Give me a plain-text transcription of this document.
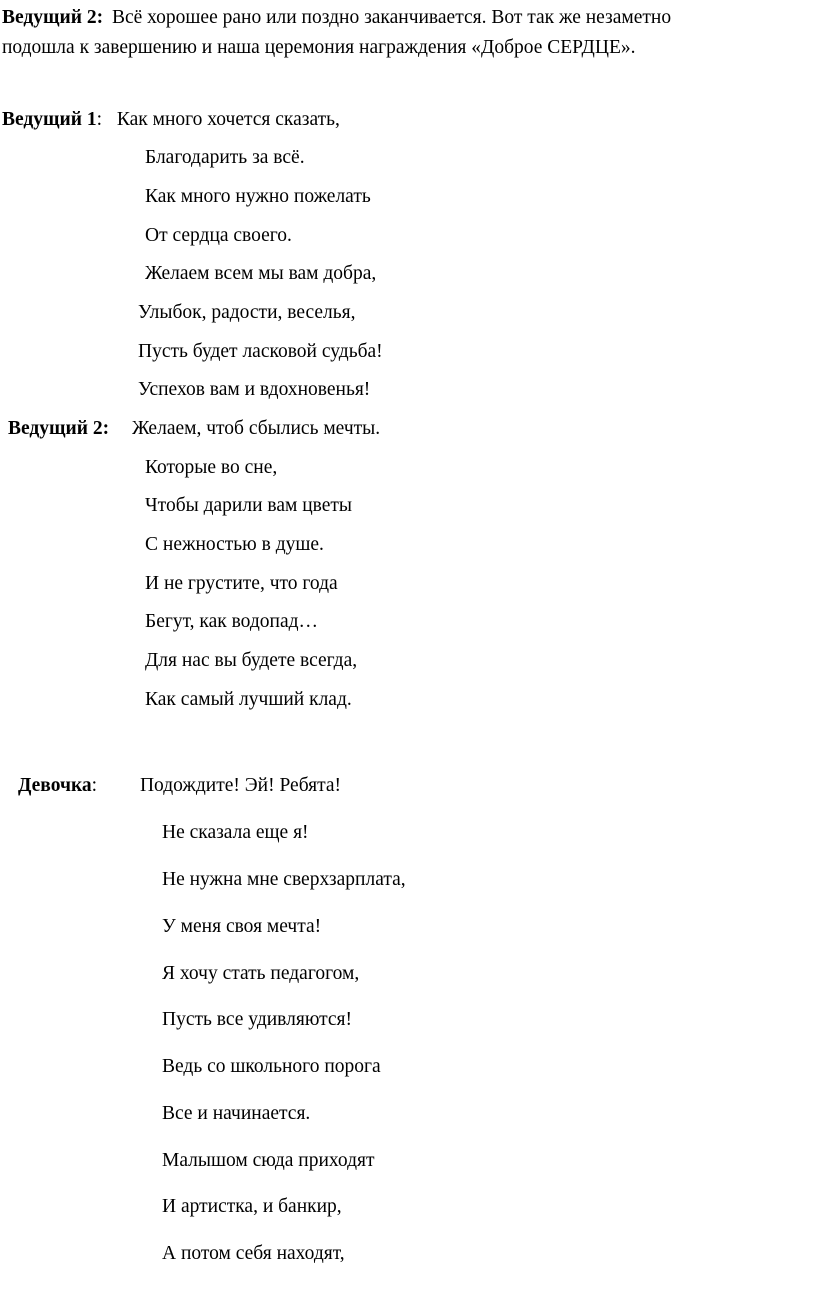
Ведущий 2: Всё хорошее рано или поздно заканчивается. Вот так же незаметно
подошла к завершению и наша церемония награждения «Доброе СЕРДЦЕ».
Ведущий 1: Как много хочется сказать,
Благодарить за всё.
Как много нужно пожелать
От сердца своего.
Желаем всем мы вам добра,
Улыбок, радости, веселья,
Пусть будет ласковой судьба!
Успехов вам и вдохновенья!
Ведущий 2: Желаем, чтоб сбылись мечты.
Которые во сне,
Чтобы дарили вам цветы
С нежностью в душе.
И не грустите, что года
Бегут, как водопад…
Для нас вы будете всегда,
Как самый лучший клад.
Девочка: Подождите! Эй! Ребята!
Не сказала еще я!
Не нужна мне сверхзарплата,
У меня своя мечта!
Я хочу стать педагогом,
Пусть все удивляются!
Ведь со школьного порога
Все и начинается.
Малышом сюда приходят
И артистка, и банкир,
А потом себя находят,
